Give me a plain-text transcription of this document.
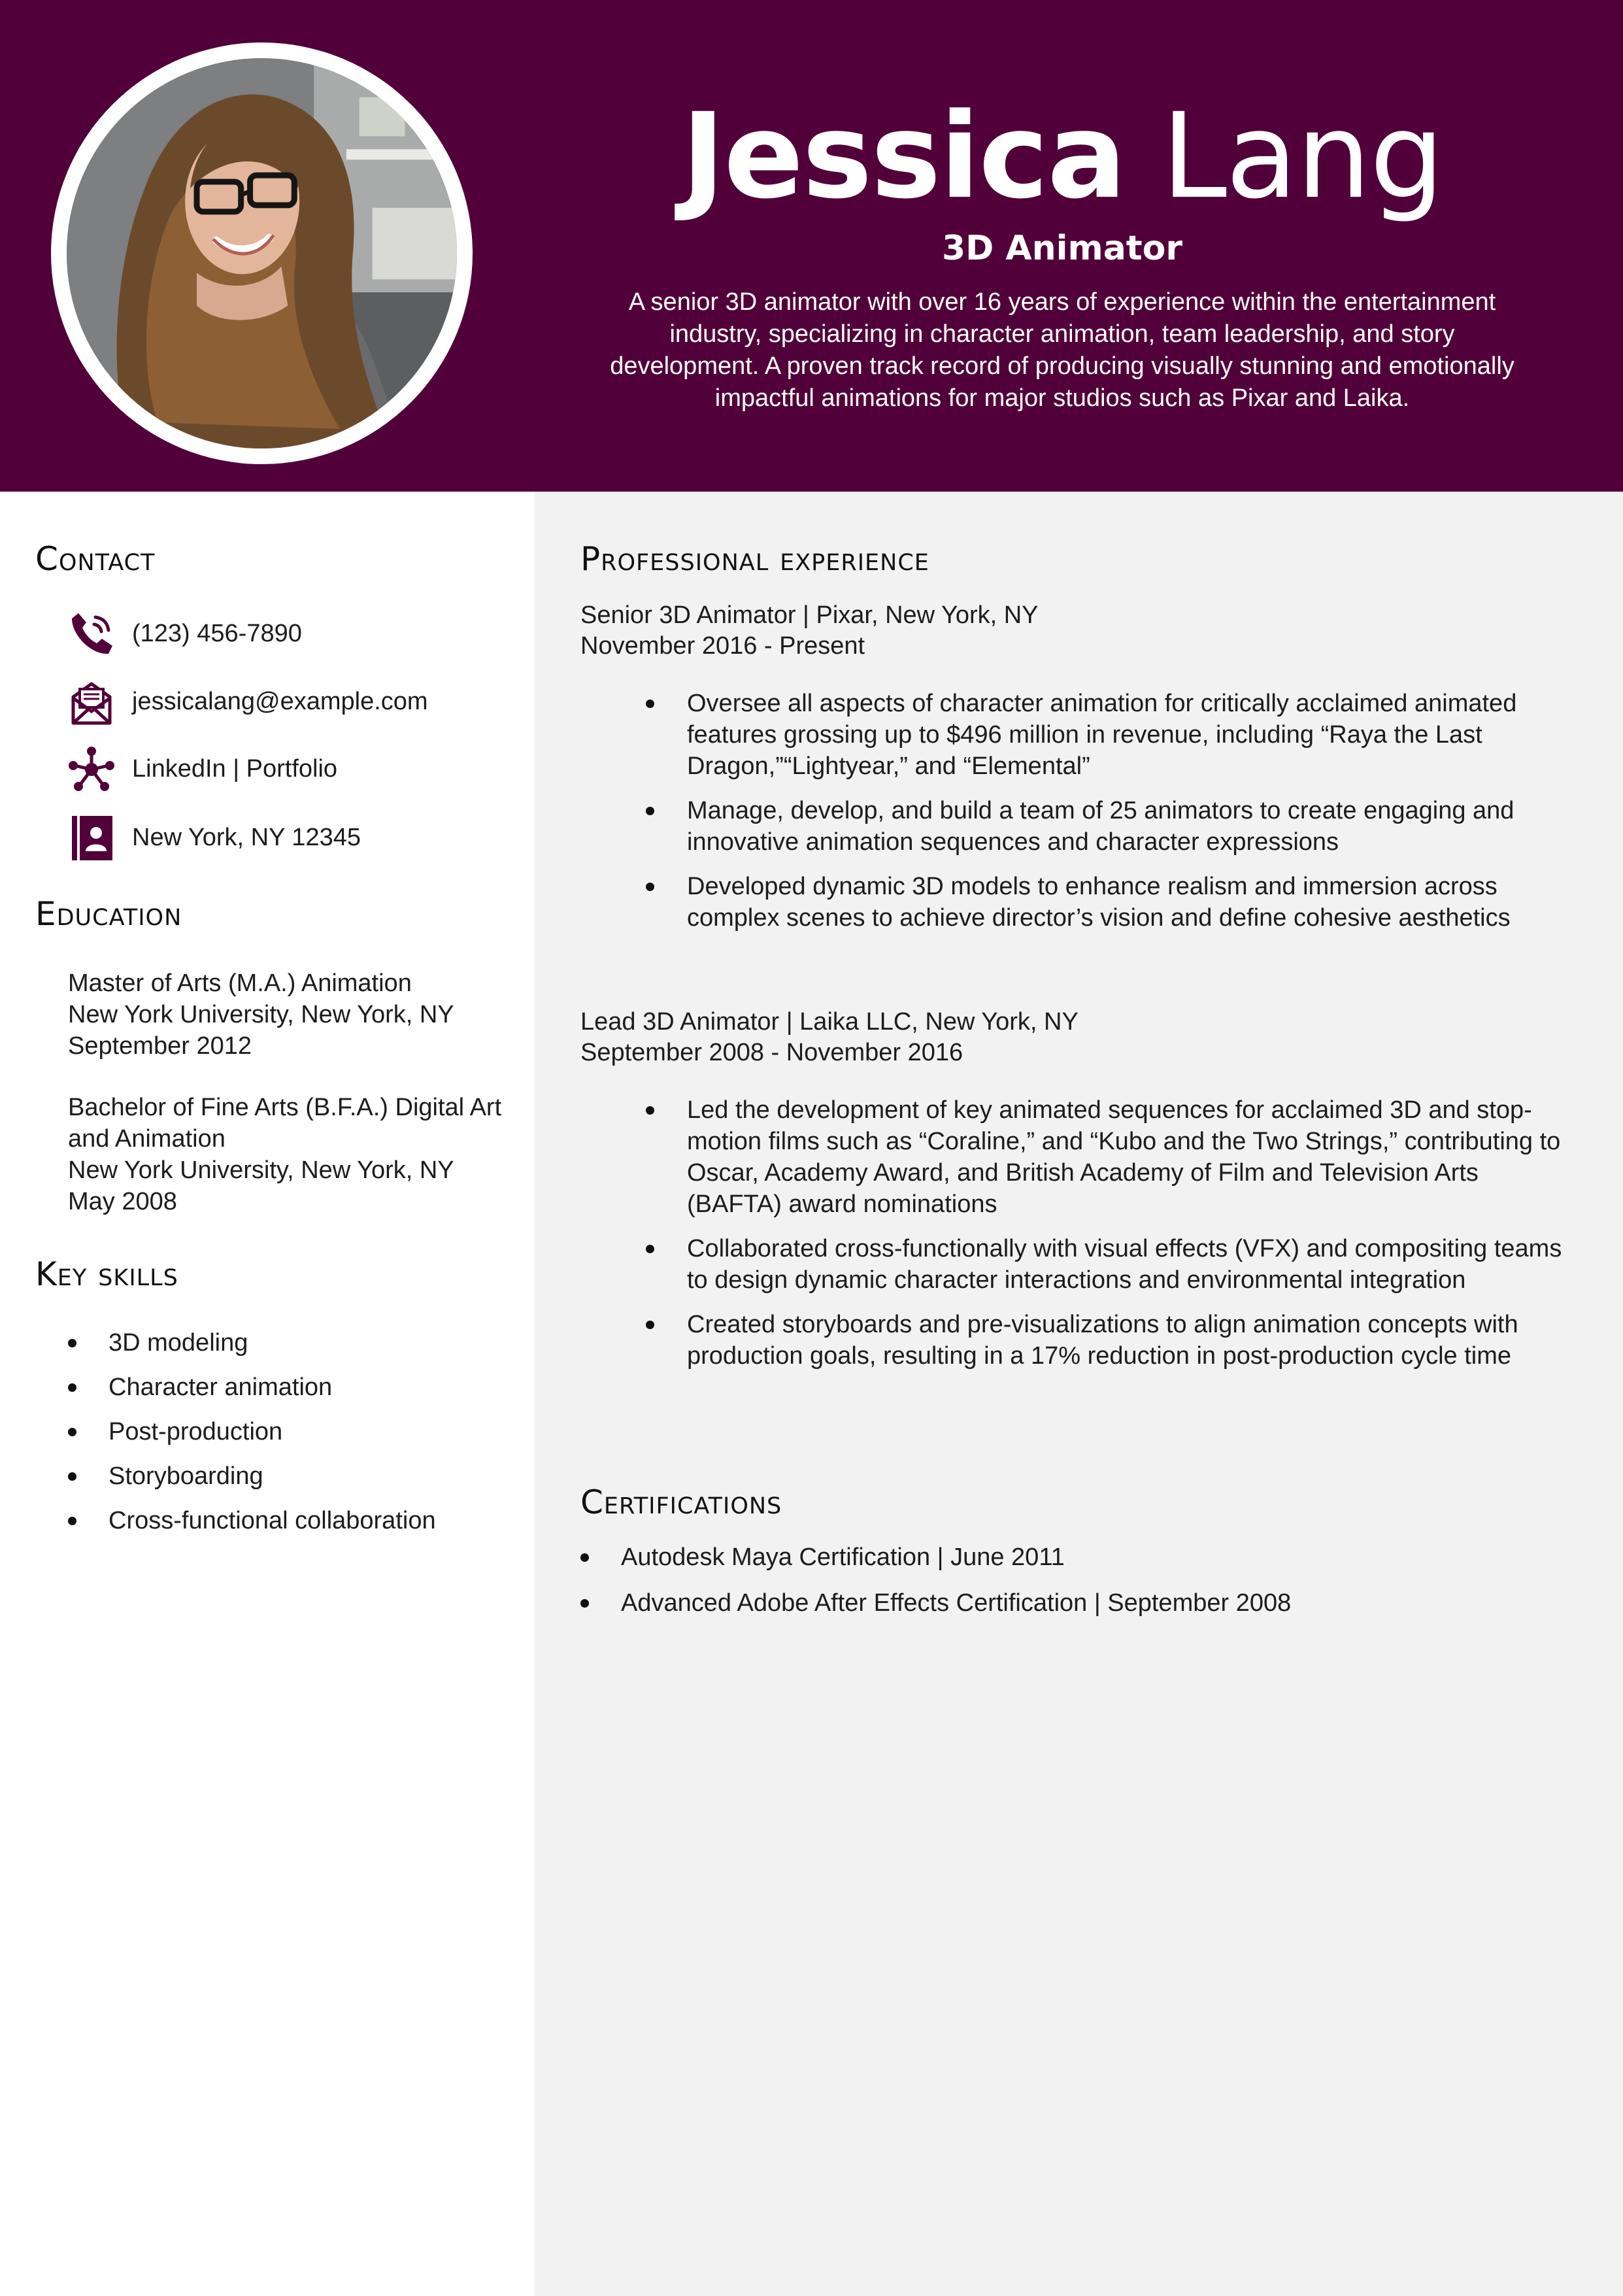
Jessica Lang
3D Animator
A senior 3D animator with over 16 years of experience within the entertainment industry, specializing in character animation, team leadership, and story development. A proven track record of producing visually stunning and emotionally impactful animations for major studios such as Pixar and Laika.
Contact
(123) 456-7890
jessicalang@example.com
LinkedIn | Portfolio
New York, NY 12345
Education
Master of Arts (M.A.) Animation
New York University, New York, NY
September 2012
Bachelor of Fine Arts (B.F.A.) Digital Art and Animation
New York University, New York, NY
May 2008
Key skills
3D modeling
Character animation
Post-production
Storyboarding
Cross-functional collaboration
Professional experience
Senior 3D Animator | Pixar, New York, NY
November 2016 - Present
Oversee all aspects of character animation for critically acclaimed animated features grossing up to $496 million in revenue, including “Raya the Last Dragon,”“Lightyear,” and “Elemental”
Manage, develop, and build a team of 25 animators to create engaging and innovative animation sequences and character expressions
Developed dynamic 3D models to enhance realism and immersion across complex scenes to achieve director’s vision and define cohesive aesthetics
Lead 3D Animator | Laika LLC, New York, NY
September 2008 - November 2016
Led the development of key animated sequences for acclaimed 3D and stop-motion films such as “Coraline,” and “Kubo and the Two Strings,” contributing to Oscar, Academy Award, and British Academy of Film and Television Arts (BAFTA) award nominations
Collaborated cross-functionally with visual effects (VFX) and compositing teams to design dynamic character interactions and environmental integration
Created storyboards and pre-visualizations to align animation concepts with production goals, resulting in a 17% reduction in post-production cycle time
Certifications
Autodesk Maya Certification | June 2011
Advanced Adobe After Effects Certification | September 2008
